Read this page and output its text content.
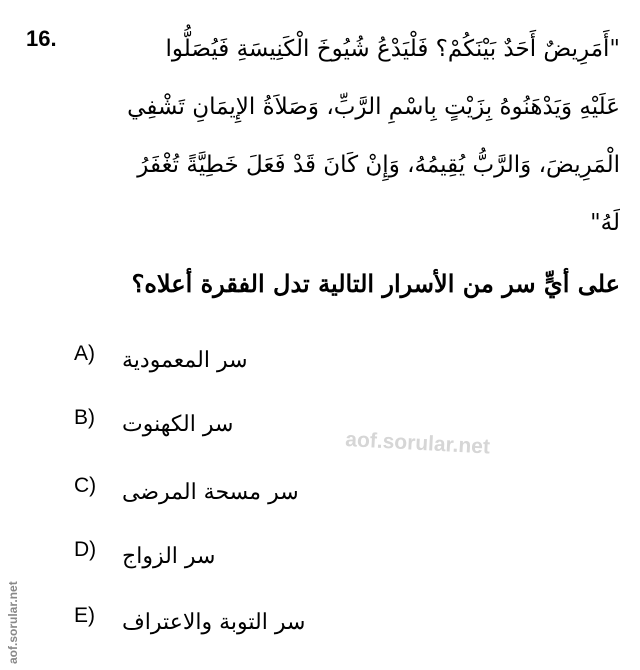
16.	"أَمَرِيضٌ أَحَدٌ بَيْنَكُمْ؟ فَلْيَدْعُ شُيُوخَ الْكَنِيسَةِ فَيُصَلُّوا
عَلَيْهِ وَيَدْهَنُوهُ بِزَيْتٍ بِاسْمِ الرَّبِّ، وَصَلاَةُ الإِيمَانِ تَشْفِي
الْمَرِيضَ، وَالرَّبُّ يُقِيمُهُ، وَإِنْ كَانَ قَدْ فَعَلَ خَطِيَّةً تُغْفَرُ
لَهُ"
على أيٍّ سر من الأسرار التالية تدل الفقرة أعلاه؟
A) سر المعمودية
B) سر الكهنوت
C) سر مسحة المرضى
D) سر الزواج
E) سر التوبة والاعتراف
aof.sorular.net
aof.sorular.net
